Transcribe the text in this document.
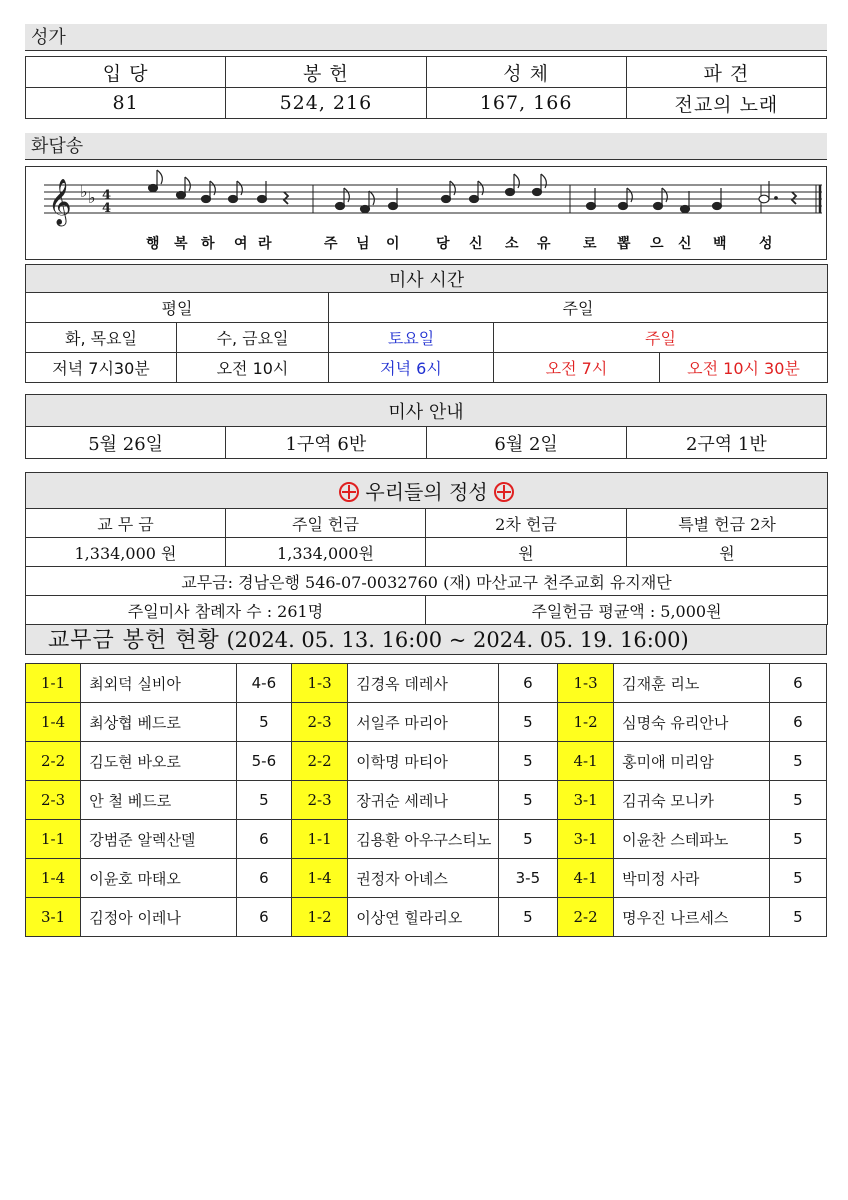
성가
입 당	봉 헌	성 체	파 견
81	524, 216	167, 166	전교의 노래
화답송
𝄞 ♭ ♭ 4
4
행 복 하 여 라	주 님 이	당 신 소 유 로 뽑 으 신 백 성
미사 시간				
평일		주일		
화, 목요일	수, 금요일	토요일	주일	
저녁 7시30분	오전 10시	저녁 6시	오전 7시	오전 10시 30분
미사 안내
5월 26일	1구역 6반	6월 2일	2구역 1반
우리들의 정성			
교 무 금	주일 헌금	2차 헌금	특별 헌금 2차
1,334,000 원	1,334,000원	원	원
교무금: 경남은행 546-07-0032760 (재) 마산교구 천주교회 유지재단			
주일미사 참례자 수 : 261명		주일헌금 평균액 : 5,000원	
교무금 봉헌 현황 (2024. 05. 13. 16:00 ~ 2024. 05. 19. 16:00)
1-1	최외덕 실비아	4-6	1-3	김경옥 데레사	6	1-3	김재훈 리노	6
1-4	최상협 베드로	5	2-3	서일주 마리아	5	1-2	심명숙 유리안나	6
2-2	김도현 바오로	5-6	2-2	이학명 마티아	5	4-1	홍미애 미리암	5
2-3	안 철 베드로	5	2-3	장귀순 세레나	5	3-1	김귀숙 모니카	5
1-1	강범준 알렉산델	6	1-1	김용환 아우구스티노	5	3-1	이윤찬 스테파노	5
1-4	이윤호 마태오	6	1-4	권정자 아녜스	3-5	4-1	박미정 사라	5
3-1	김정아 이레나	6	1-2	이상연 힐라리오	5	2-2	명우진 나르세스	5
